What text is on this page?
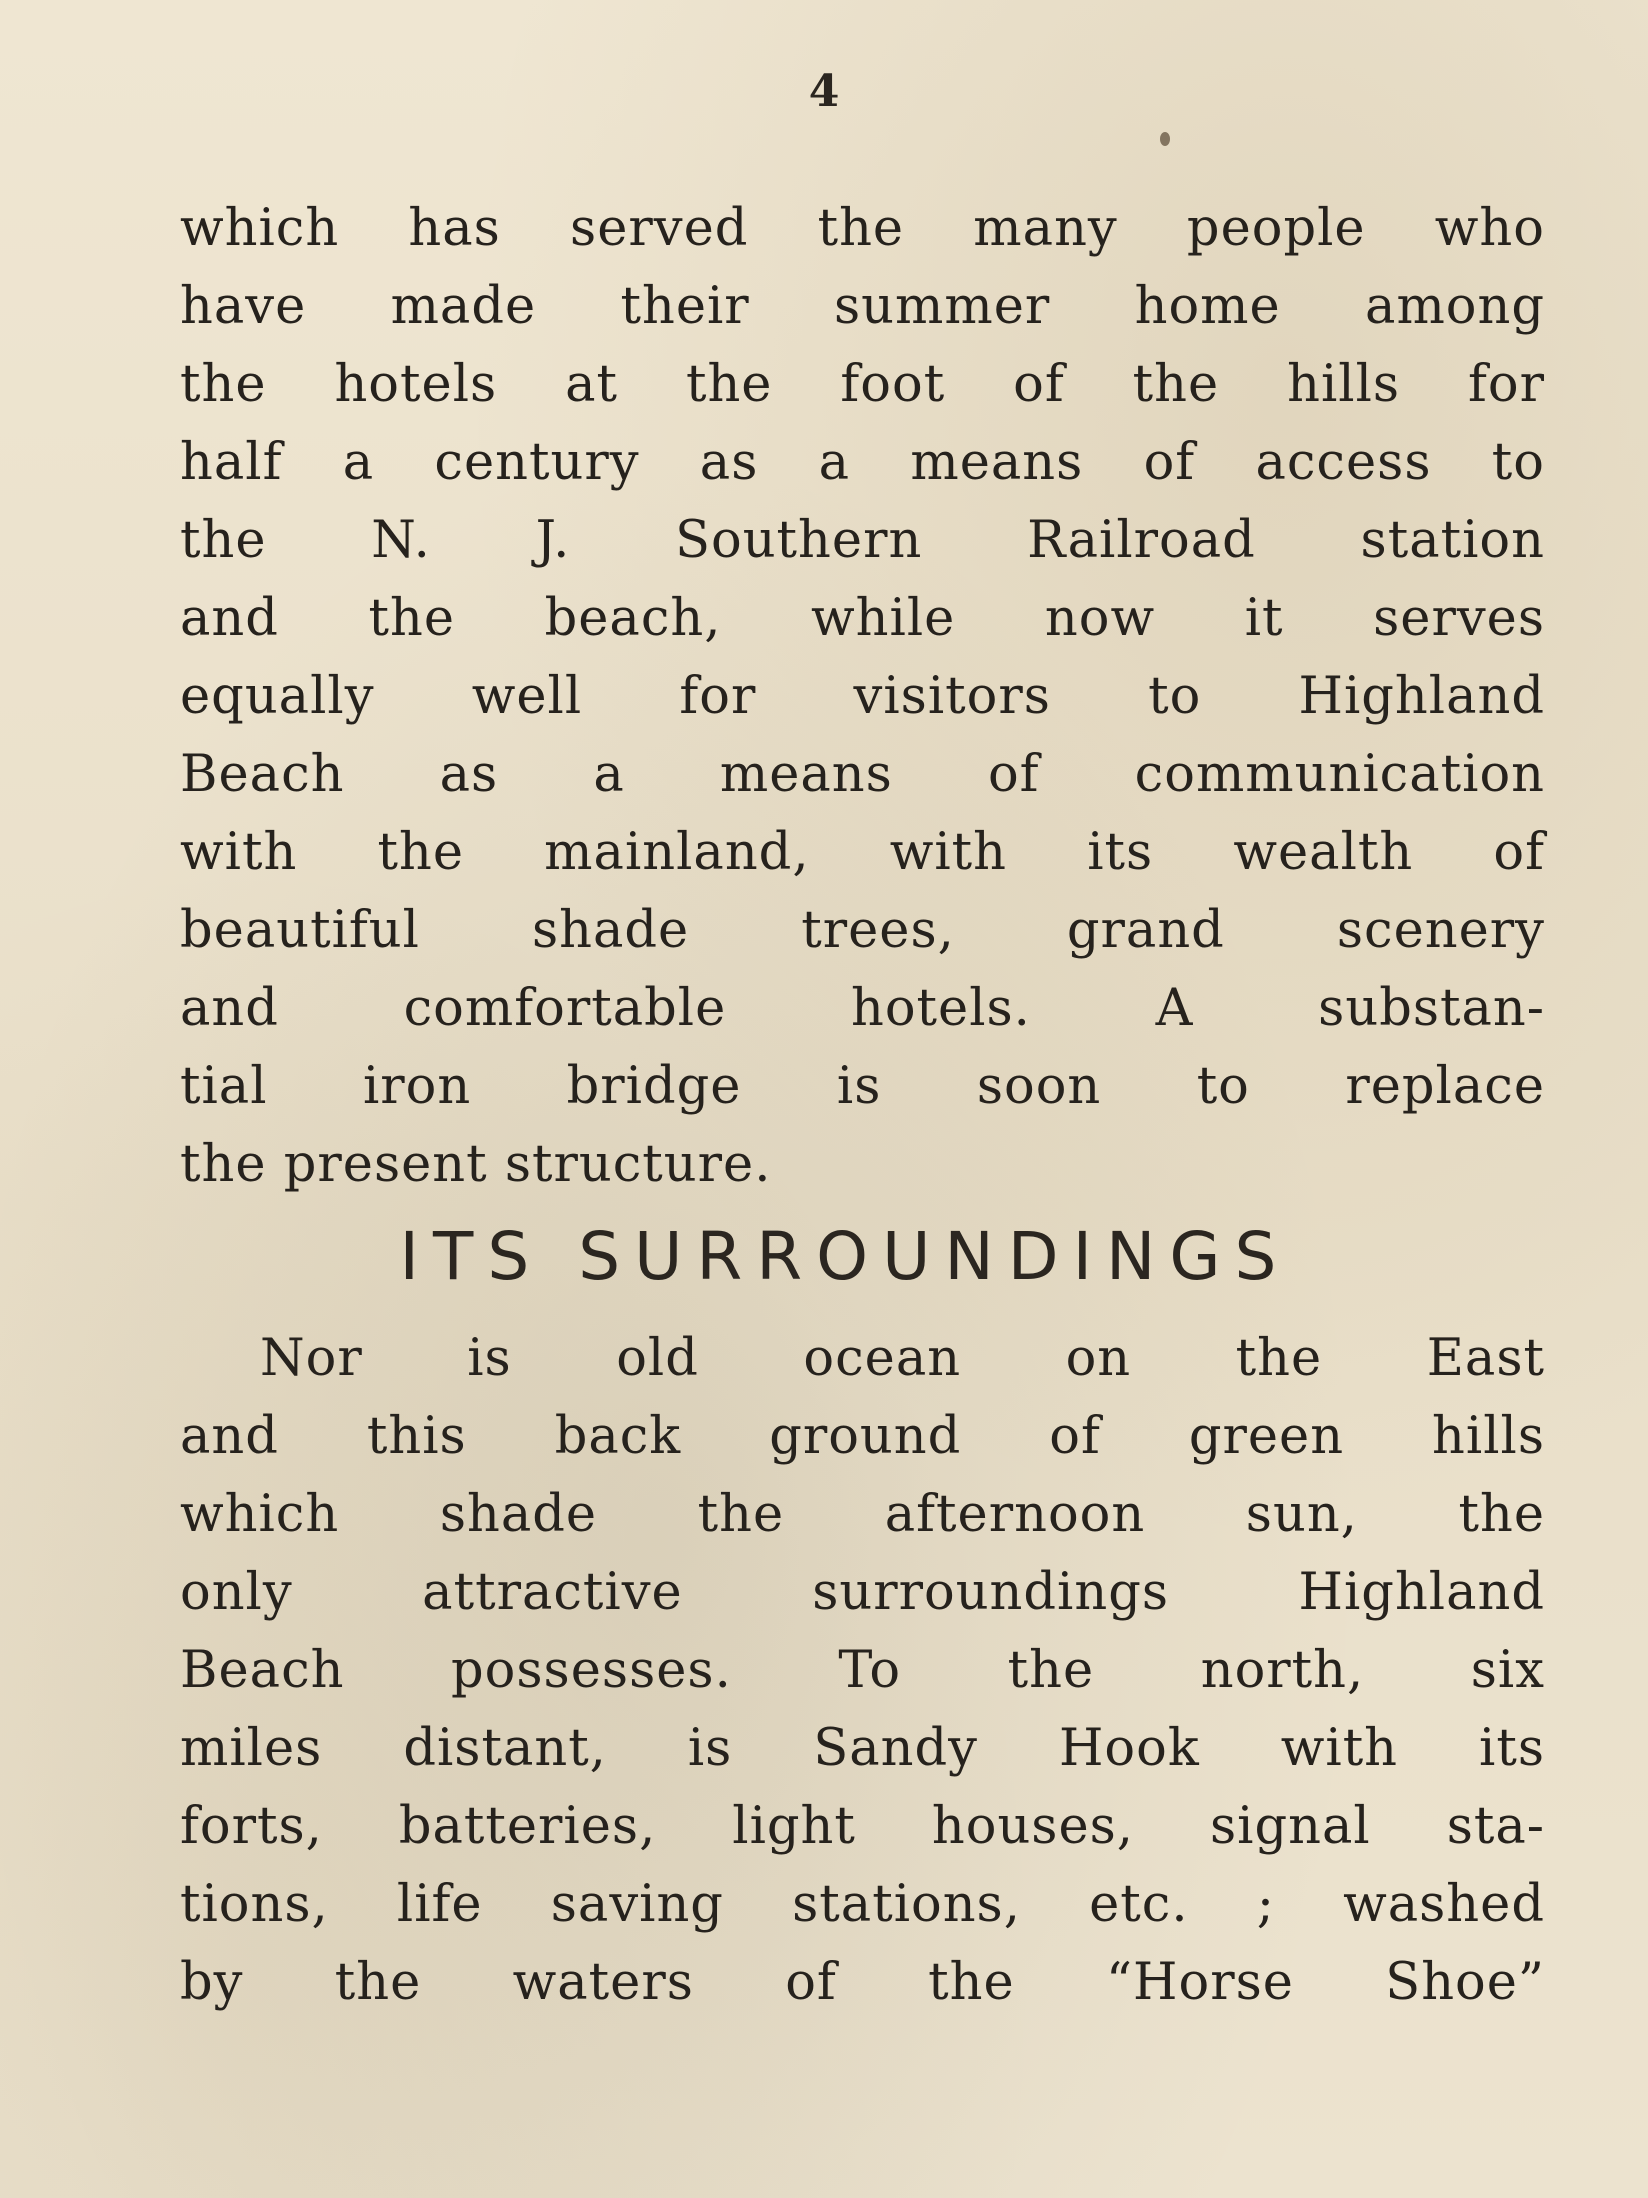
4
which has served the many people who
have made their summer home among
the hotels at the foot of the hills for
half a century as a means of access to
the N. J. Southern Railroad station
and the beach, while now it serves
equally well for visitors to Highland
Beach as a means of communication
with the mainland, with its wealth of
beautiful shade trees, grand scenery
and comfortable hotels. A substan-
tial iron bridge is soon to replace
the present structure.
ITS SURROUNDINGS
Nor is old ocean on the East
and this back ground of green hills
which shade the afternoon sun, the
only attractive surroundings Highland
Beach possesses. To the north, six
miles distant, is Sandy Hook with its
forts, batteries, light houses, signal sta-
tions, life saving stations, etc. ; washed
by the waters of the “Horse Shoe”
